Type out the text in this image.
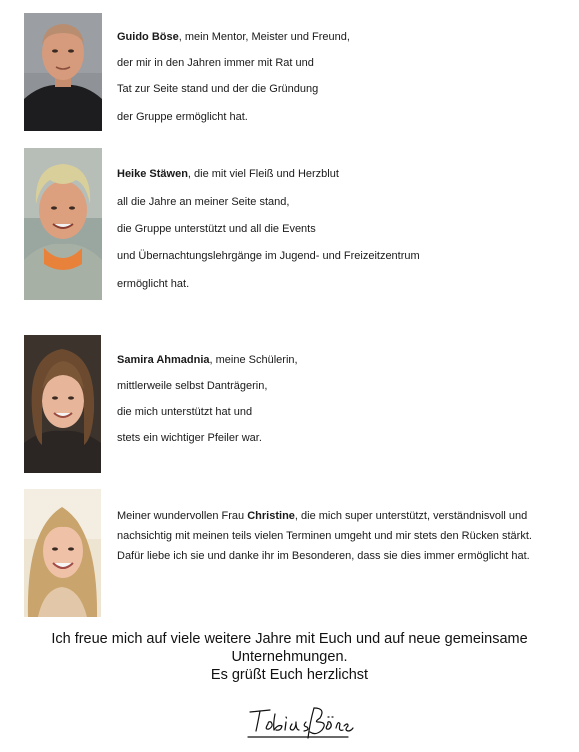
Guido Böse, mein Mentor, Meister und Freund,
der mir in den Jahren immer mit Rat und
Tat zur Seite stand und der die Gründung
der Gruppe ermöglicht hat.
Heike Stäwen, die mit viel Fleiß und Herzblut
all die Jahre an meiner Seite stand,
die Gruppe unterstützt und all die Events
und Übernachtungslehrgänge im Jugend- und Freizeitzentrum
ermöglicht hat.
Samira Ahmadnia, meine Schülerin,
mittlerweile selbst Danträgerin,
die mich unterstützt hat und
stets ein wichtiger Pfeiler war.
Meiner wundervollen Frau Christine, die mich super unterstützt, verständnisvoll und
nachsichtig mit meinen teils vielen Terminen umgeht und mir stets den Rücken stärkt.
Dafür liebe ich sie und danke ihr im Besonderen, dass sie dies immer ermöglicht hat.
Ich freue mich auf viele weitere Jahre mit Euch und auf neue gemeinsame
Unternehmungen.
Es grüßt Euch herzlichst
